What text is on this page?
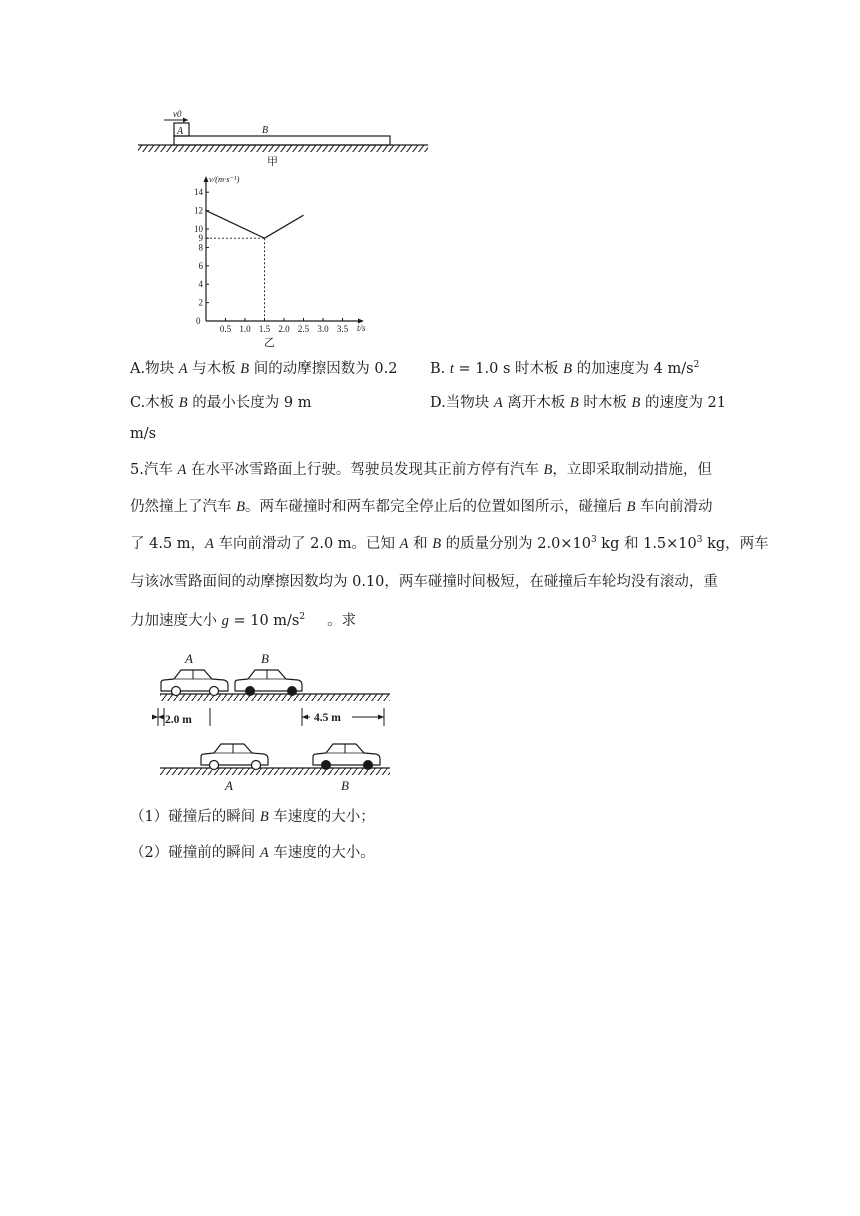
A	B
v0
甲
v/(m·s⁻¹)
t/s
0
乙
0.5 1.0 1.5 2.0 2.5 3.0 3.5
2
4
6
8
9
10
12
14
A.物块 A 与木板 B 间的动摩擦因数为 0.2 B. t = 1.0 s 时木板 B 的加速度为 4 $m/s^2$
C.木板 B 的最小长度为 9 m	D.当物块 A 离开木板 B 时木板 B 的速度为 21
m/s
5.汽车 A 在水平冰雪路面上行驶。驾驶员发现其正前方停有汽车 B，立即采取制动措施，但
仍然撞上了汽车 B。两车碰撞时和两车都完全停止后的位置如图所示，碰撞后 B 车向前滑动
了 4.5 m，A 车向前滑动了 2.0 m。已知 A 和 B 的质量分别为 $2.0\times 10^3$ kg 和 $1.5\times 10^3$ kg，两车
与该冰雪路面间的动摩擦因数均为 0.10，两车碰撞时间极短，在碰撞后车轮均没有滚动，重
力加速度大小 g = 10 $m/s^2$ 。求
A	B
2.0 m	4.5 m
A	B
（1）碰撞后的瞬间 B 车速度的大小；
（2）碰撞前的瞬间 A 车速度的大小。
